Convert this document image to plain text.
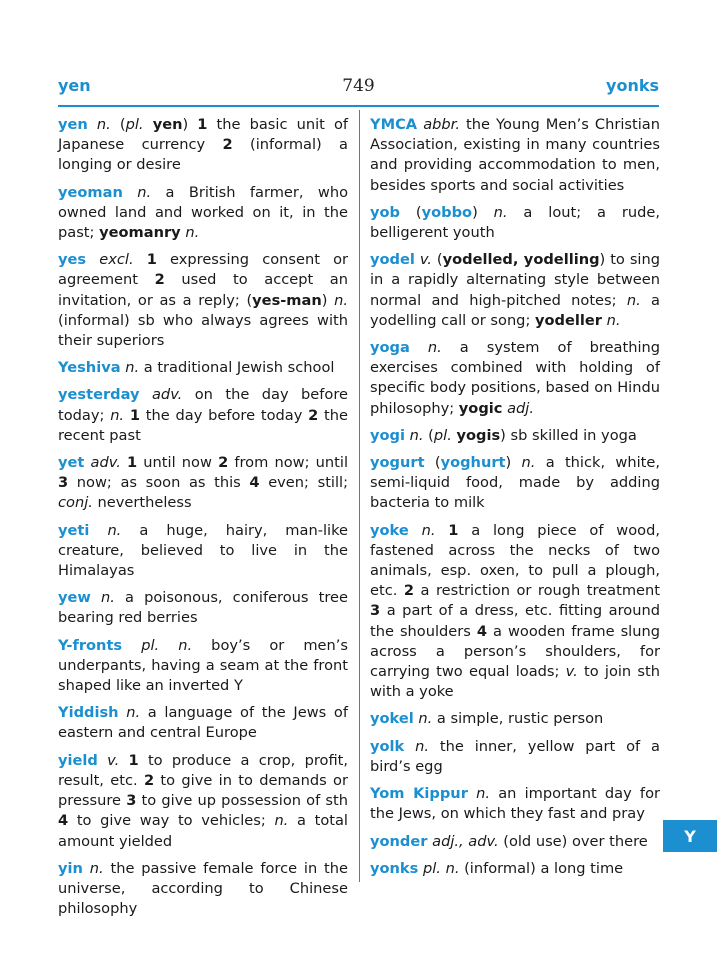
yen	749	yonks
yen n. (pl. yen) 1 the basic unit of Japanese currency 2 (informal) a longing or desire
yeoman n. a British farmer, who owned land and worked on it, in the past; yeomanry n.
yes excl. 1 expressing consent or agreement 2 used to accept an invitation, or as a reply; (yes-man) n. (informal) sb who always agrees with their superiors
Yeshiva n. a traditional Jewish school
yesterday adv. on the day before today; n. 1 the day before today 2 the recent past
yet adv. 1 until now 2 from now; until 3 now; as soon as this 4 even; still; conj. nevertheless
yeti n. a huge, hairy, man-like creature, believed to live in the Himalayas
yew n. a poisonous, coniferous tree bearing red berries
Y-fronts pl. n. boy’s or men’s underpants, having a seam at the front shaped like an inverted Y
Yiddish n. a language of the Jews of eastern and central Europe
yield v. 1 to produce a crop, profit, result, etc. 2 to give in to demands or pressure 3 to give up possession of sth 4 to give way to vehicles; n. a total amount yielded
yin n. the passive female force in the universe, according to Chinese philosophy
YMCA abbr. the Young Men’s Christian Association, existing in many countries and providing accommodation to men, besides sports and social activities
yob (yobbo) n. a lout; a rude, belligerent youth
yodel v. (yodelled, yodelling) to sing in a rapidly alternating style between normal and high-pitched notes; n. a yodelling call or song; yodeller n.
yoga n. a system of breathing exercises combined with holding of specific body positions, based on Hindu philosophy; yogic adj.
yogi n. (pl. yogis) sb skilled in yoga
yogurt (yoghurt) n. a thick, white, semi-liquid food, made by adding bacteria to milk
yoke n. 1 a long piece of wood, fastened across the necks of two animals, esp. oxen, to pull a plough, etc. 2 a restriction or rough treatment 3 a part of a dress, etc. fitting around the shoulders 4 a wooden frame slung across a person’s shoulders, for carrying two equal loads; v. to join sth with a yoke
yokel n. a simple, rustic person
yolk n. the inner, yellow part of a bird’s egg
Yom Kippur n. an important day for the Jews, on which they fast and pray
yonder adj., adv. (old use) over there
yonks pl. n. (informal) a long time
Y
